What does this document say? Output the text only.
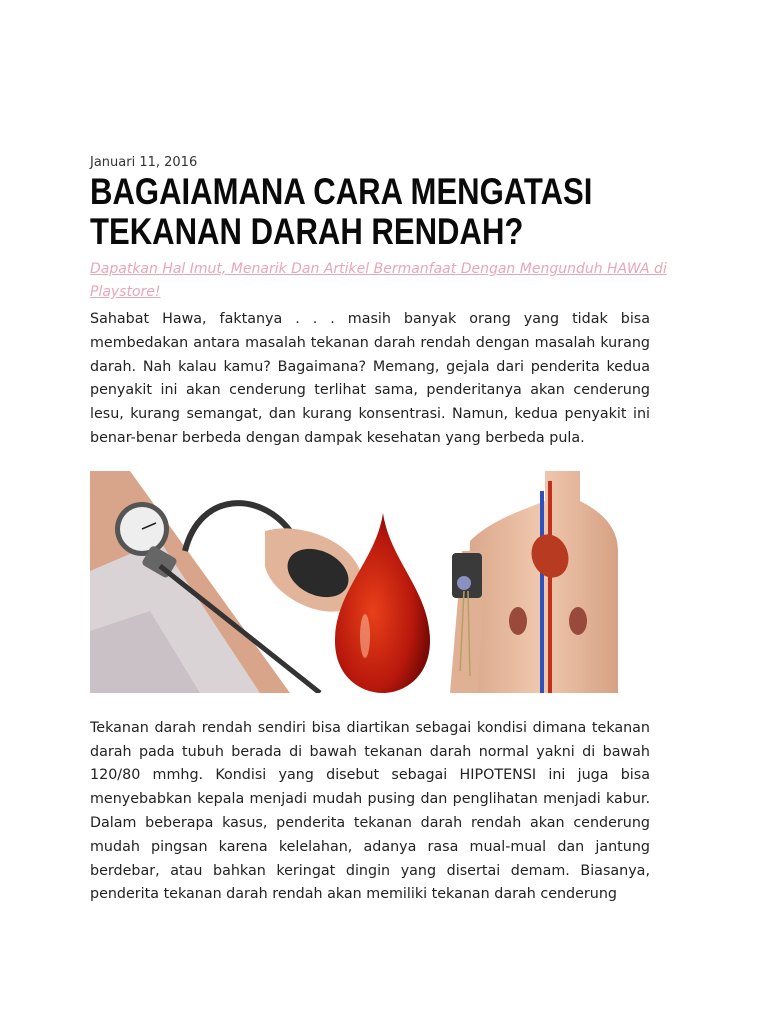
Januari 11, 2016

BAGAIAMANA CARA MENGATASI TEKANAN DARAH RENDAH?
Dapatkan Hal Imut, Menarik Dan Artikel Bermanfaat Dengan Mengunduh HAWA di Playstore!

Sahabat Hawa, faktanya . . . masih banyak orang yang tidak bisa membedakan antara masalah tekanan darah rendah dengan masalah kurang darah. Nah kalau kamu? Bagaimana? Memang, gejala dari penderita kedua penyakit ini akan cenderung terlihat sama, penderitanya akan cenderung lesu, kurang semangat, dan kurang konsentrasi. Namun, kedua penyakit ini benar-benar berbeda dengan dampak kesehatan yang berbeda pula.

Tekanan darah rendah sendiri bisa diartikan sebagai kondisi dimana tekanan darah pada tubuh berada di bawah tekanan darah normal yakni di bawah 120/80 mmhg. Kondisi yang disebut sebagai HIPOTENSI ini juga bisa menyebabkan kepala menjadi mudah pusing dan penglihatan menjadi kabur. Dalam beberapa kasus, penderita tekanan darah rendah akan cenderung mudah pingsan karena kelelahan, adanya rasa mual-mual dan jantung berdebar, atau bahkan keringat dingin yang disertai demam. Biasanya, penderita tekanan darah rendah akan memiliki tekanan darah cenderung
